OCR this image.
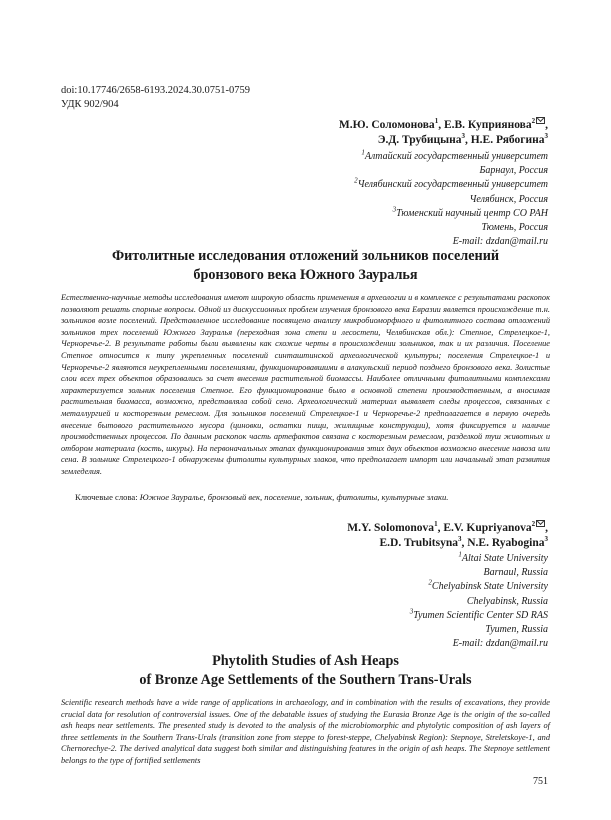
doi:10.17746/2658-6193.2024.30.0751-0759
УДК 902/904
М.Ю. Соломонова$^1$, Е.В. Куприянова$^2$ ,
Э.Д. Трубицына$^3$, Н.Е. Рябогина$^3$
$^1$Алтайский государственный университет
Барнаул, Россия
$^2$Челябинский государственный университет
Челябинск, Россия
$^3$Тюменский научный центр СО РАН
Тюмень, Россия
E-mail: dzdan@mail.ru
Фитолитные исследования отложений зольников поселений
бронзового века Южного Зауралья

Естественно-научные методы исследования имеют широкую область применения в археологии и в комплексе с результатами раскопок позволяют решать спорные вопросы. Одной из дискуссионных проблем изучения бронзового века Евразии является происхождение т.н. зольников возле поселений. Представленное исследование посвящено анализу микробиоморфного и фитолитного состава отложений зольников трех поселений Южного Зауралья (переходная зона степи и лесостепи, Челябинская обл.): Степное, Стрелецкое-1, Черноречье-2. В результате работы были выявлены как схожие черты в происхождении зольников, так и их различия. Поселение Степное относится к типу укрепленных поселений синташтинской археологической культуры; поселения Стрелецкое-1 и Черноречье-2 являются неукрепленными поселениями, функционировавшими в алакульский период позднего бронзового века. Золистые слои всех трех объектов образовались за счет внесения растительной биомассы. Наиболее отличными фитолитными комплексами характеризуется зольник поселения Степное. Его функционирование было в основной степени производственным, а вносимая растительная биомасса, возможно, представляла собой сено. Археологический материал выявляет следы процессов, связанных с металлургией и косторезным ремеслом. Для зольников поселений Стрелецкое-1 и Черноречье-2 предполагается в первую очередь внесение бытового растительного мусора (циновки, остатки пищи, жилищные конструкции), хотя фиксируется и наличие производственных процессов. По данным раскопок часть артефактов связана с косторезным ремеслом, разделкой туш животных и отбором материала (кость, шкуры). На первоначальных этапах функционирования этих двух объектов возможно внесение навоза или сена. В зольнике Стрелецкого-1 обнаружены фитолиты культурных злаков, что предполагает импорт или начальный этап развития земледелия.

Ключевые слова: Южное Зауралье, бронзовый век, поселение, зольник, фитолиты, культурные злаки.
M.Y. Solomonova$^1$, E.V. Kupriyanova$^2$ ,
E.D. Trubitsyna$^3$, N.E. Ryabogina$^3$
$^1$Altai State University
Barnaul, Russia
$^2$Chelyabinsk State University
Chelyabinsk, Russia
$^3$Tyumen Scientific Center SD RAS
Tyumen, Russia
E-mail: dzdan@mail.ru
Phytolith Studies of Ash Heaps
of Bronze Age Settlements of the Southern Trans-Urals

Scientific research methods have a wide range of applications in archaeology, and in combination with the results of excavations, they provide crucial data for resolution of controversial issues. One of the debatable issues of studying the Eurasia Bronze Age is the origin of the so-called ash heaps near settlements. The presented study is devoted to the analysis of the microbiomorphic and phytolytic composition of ash layers of three settlements in the Southern Trans-Urals (transition zone from steppe to forest-steppe, Chelyabinsk Region): Stepnoye, Streletskoye-1, and Chernorechye-2. The derived analytical data suggest both similar and distinguishing features in the origin of ash heaps. The Stepnoye settlement belongs to the type of fortified settlements

751
